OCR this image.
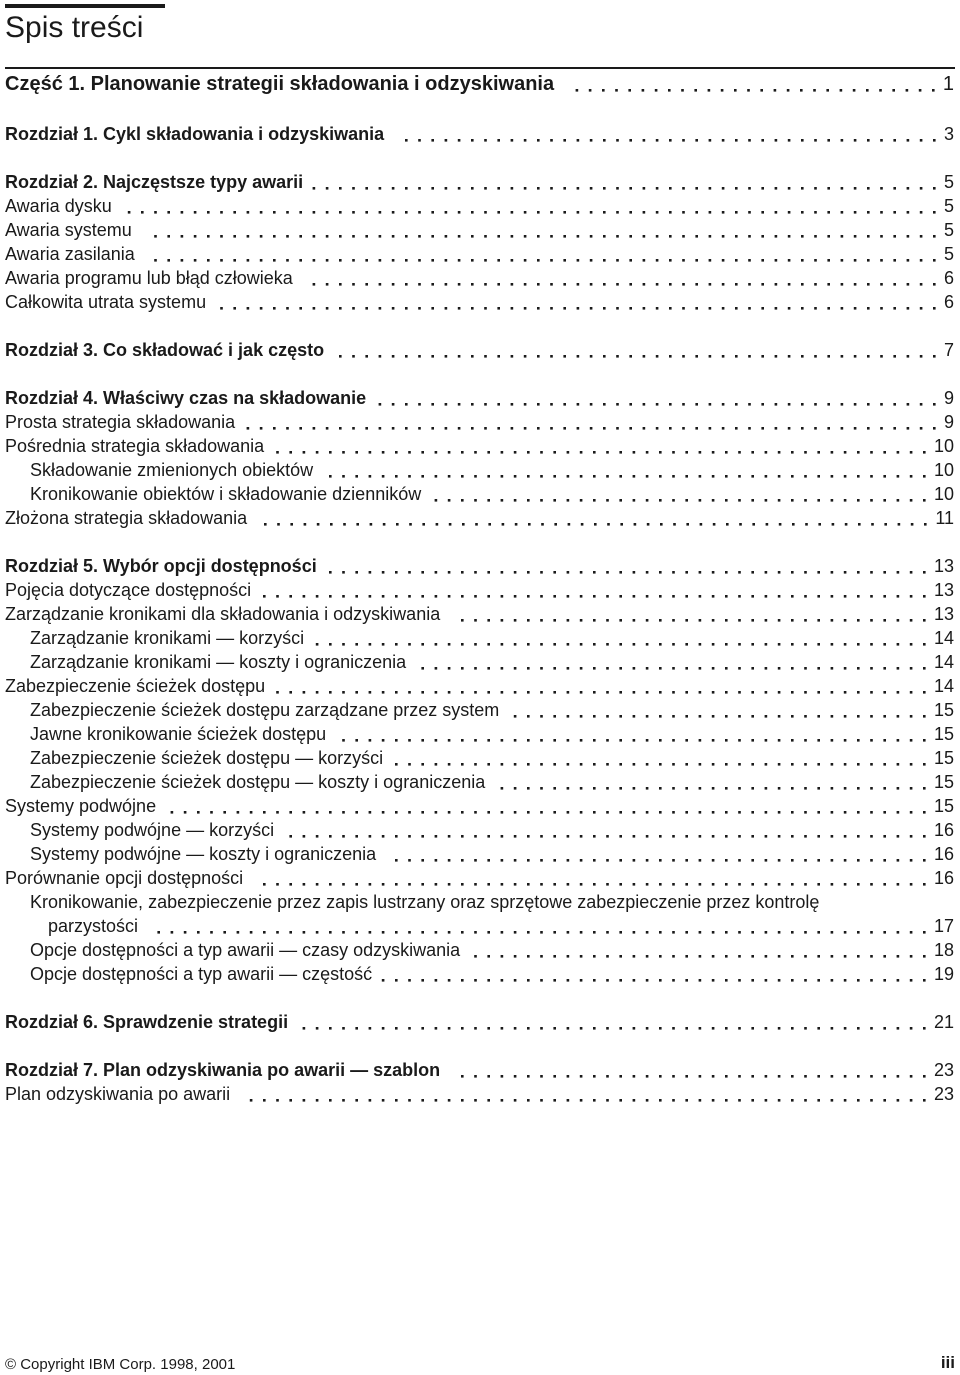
Spis treści
Część 1. Planowanie strategii składowania i odzyskiwania	1
Rozdział 1. Cykl składowania i odzyskiwania	3
Rozdział 2. Najczęstsze typy awarii	5
Awaria dysku	5
Awaria systemu	5
Awaria zasilania	5
Awaria programu lub błąd człowieka	6
Całkowita utrata systemu	6
Rozdział 3. Co składować i jak często	7
Rozdział 4. Właściwy czas na składowanie	9
Prosta strategia składowania	9
Pośrednia strategia składowania	10
Składowanie zmienionych obiektów	10
Kronikowanie obiektów i składowanie dzienników	10
Złożona strategia składowania	11
Rozdział 5. Wybór opcji dostępności	13
Pojęcia dotyczące dostępności	13
Zarządzanie kronikami dla składowania i odzyskiwania	13
Zarządzanie kronikami — korzyści	14
Zarządzanie kronikami — koszty i ograniczenia	14
Zabezpieczenie ścieżek dostępu	14
Zabezpieczenie ścieżek dostępu zarządzane przez system	15
Jawne kronikowanie ścieżek dostępu	15
Zabezpieczenie ścieżek dostępu — korzyści	15
Zabezpieczenie ścieżek dostępu — koszty i ograniczenia	15
Systemy podwójne	15
Systemy podwójne — korzyści	16
Systemy podwójne — koszty i ograniczenia	16
Porównanie opcji dostępności	16
Kronikowanie, zabezpieczenie przez zapis lustrzany oraz sprzętowe zabezpieczenie przez kontrolę
parzystości	17
Opcje dostępności a typ awarii — czasy odzyskiwania	18
Opcje dostępności a typ awarii — częstość	19
Rozdział 6. Sprawdzenie strategii	21
Rozdział 7. Plan odzyskiwania po awarii — szablon	23
Plan odzyskiwania po awarii	23
© Copyright IBM Corp. 1998, 2001	iii
